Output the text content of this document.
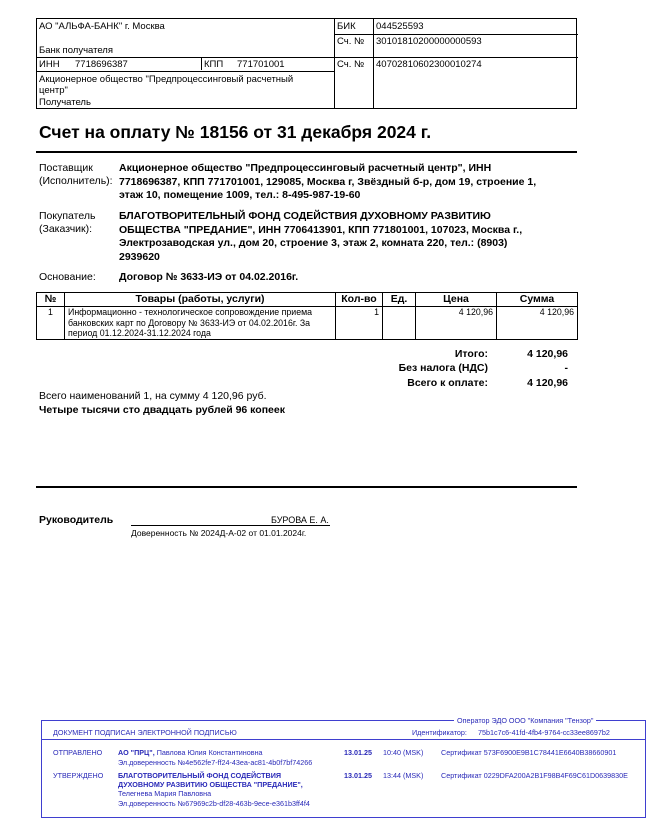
АО "АЛЬФА-БАНК" г. Москва
Банк получателя
БИК 044525593
Сч. № 30101810200000000593
ИНН 7718696387	КПП 771701001	Сч. № 40702810602300010274
Акционерное общество "Предпроцессинговый расчетный центр"
Получатель
Счет на оплату № 18156 от 31 декабря 2024 г.
Поставщик
(Исполнитель):
Акционерное общество "Предпроцессинговый расчетный центр", ИНН
7718696387, КПП 771701001, 129085, Москва г, Звёздный б-р, дом 19, строение 1,
этаж 10, помещение 1009, тел.: 8-495-987-19-60
Покупатель
(Заказчик):
БЛАГОТВОРИТЕЛЬНЫЙ ФОНД СОДЕЙСТВИЯ ДУХОВНОМУ РАЗВИТИЮ
ОБЩЕСТВА "ПРЕДАНИЕ", ИНН 7706413901, КПП 771801001, 107023, Москва г.,
Электрозаводская ул., дом 20, строение 3, этаж 2, комната 220, тел.: (8903)
2939620
Основание: Договор № 3633-ИЭ от 04.02.2016г.
№	Товары (работы, услуги)	Кол-во	Ед.	Цена	Сумма
1	Информационно - технологическое сопровождение приема
банковских карт по Договору № 3633-ИЭ от 04.02.2016г. За
период 01.12.2024-31.12.2024 года	1		4 120,96	4 120,96
Итого:	4 120,96
Без налога (НДС)	-
Всего к оплате:	4 120,96
Всего наименований 1, на сумму 4 120,96 руб.
Четыре тысячи сто двадцать рублей 96 копеек
Руководитель	БУРОВА Е. А.
Доверенность № 2024Д-А-02 от 01.01.2024г.
Оператор ЭДО ООО "Компания "Тензор"
ДОКУМЕНТ ПОДПИСАН ЭЛЕКТРОННОЙ ПОДПИСЬЮ	Идентификатор: 75b1c7c6-41fd-4fb4-9764-cc33ee8697b2
ОТПРАВЛЕНО АО "ПРЦ", Павлова Юлия Константиновна
Эл.доверенность №4e562fe7-ff24-43ea-ac81-4b0f7bf74266
13.01.25 10:40 (MSK) Сертификат 573F6900E9B1C78441E6640B38660901
УТВЕРЖДЕНО БЛАГОТВОРИТЕЛЬНЫЙ ФОНД СОДЕЙСТВИЯ
ДУХОВНОМУ РАЗВИТИЮ ОБЩЕСТВА "ПРЕДАНИЕ",
Телегнева Мария Павловна
Эл.доверенность №67969c2b-df28-463b-9ece-e361b3ff4f4
13.01.25 13:44 (MSK) Сертификат 0229DFA200A2B1F98B4F69C61D0639830E
